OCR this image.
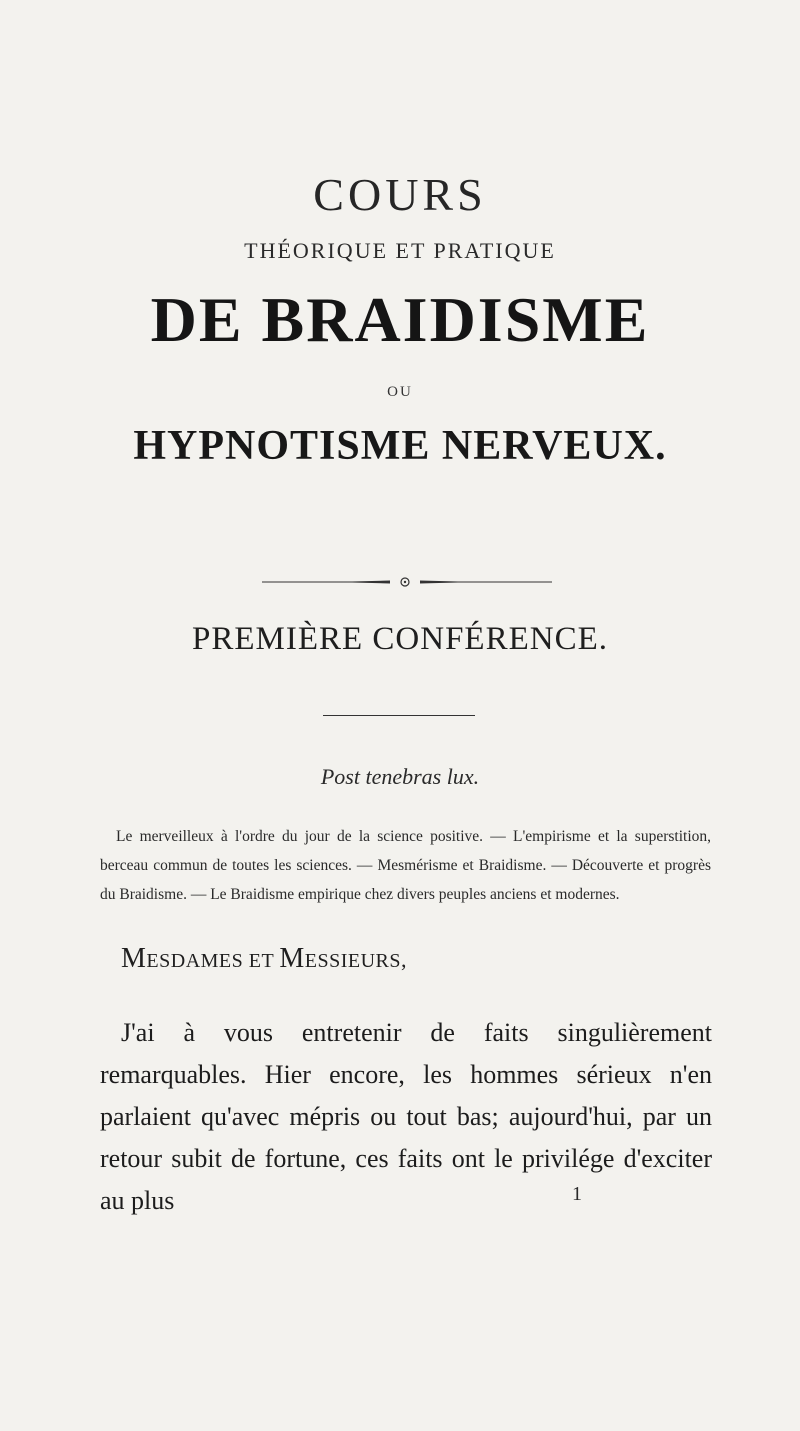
COURS
THÉORIQUE ET PRATIQUE
DE BRAIDISME
OU
HYPNOTISME NERVEUX.
PREMIÈRE CONFÉRENCE.
Post tenebras lux.
Le merveilleux à l'ordre du jour de la science positive. — L'empirisme et la superstition, berceau commun de toutes les sciences. — Mesmérisme et Braidisme. — Découverte et progrès du Braidisme. — Le Braidisme empirique chez divers peuples anciens et modernes.
MESDAMES ET MESSIEURS,
J'ai à vous entretenir de faits singulièrement remarquables. Hier encore, les hommes sérieux n'en parlaient qu'avec mépris ou tout bas; aujourd'hui, par un retour subit de fortune, ces faits ont le privilége d'exciter au plus	1
